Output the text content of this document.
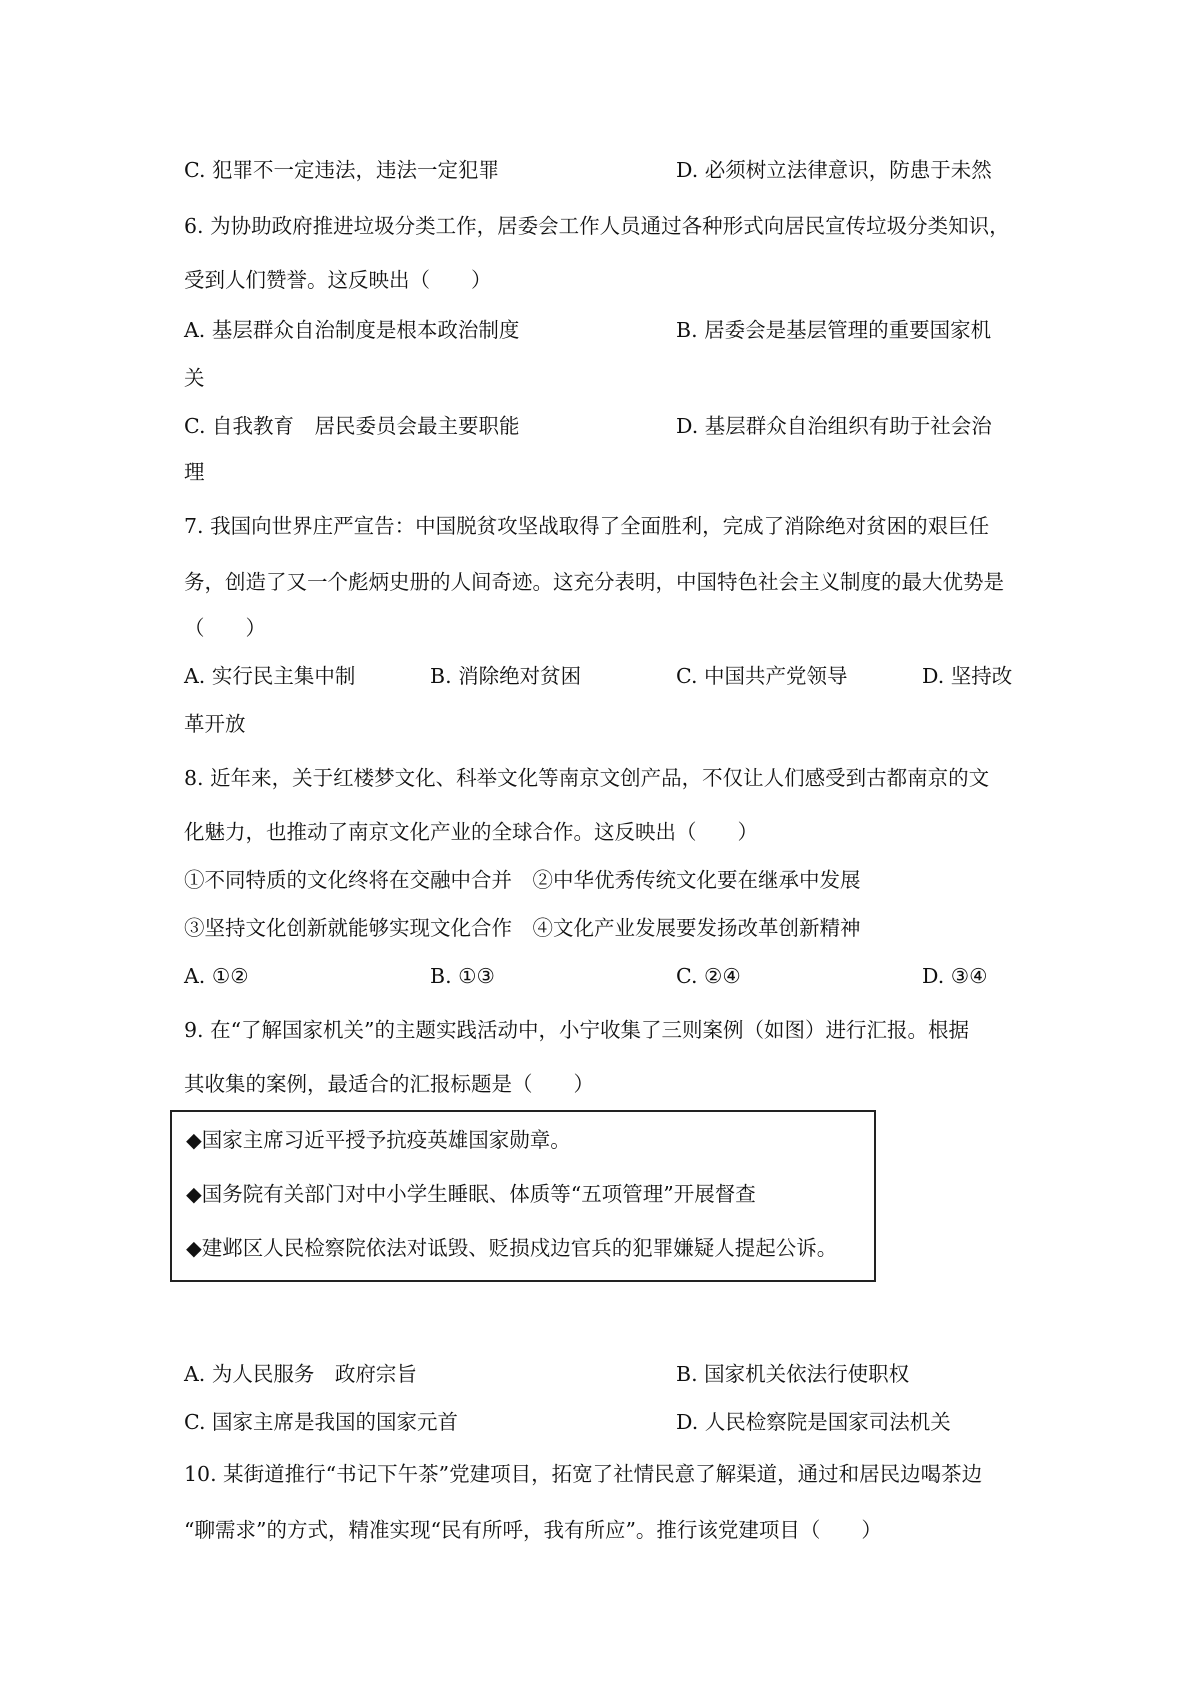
C. 犯罪不一定违法，违法一定犯罪	D. 必须树立法律意识，防患于未然
6. 为协助政府推进垃圾分类工作，居委会工作人员通过各种形式向居民宣传垃圾分类知识，
受到人们赞誉。这反映出（　　）
A. 基层群众自治制度是根本政治制度	B. 居委会是基层管理的重要国家机
关
C. 自我教育　居民委员会最主要职能	D. 基层群众自治组织有助于社会治
理
7. 我国向世界庄严宣告：中国脱贫攻坚战取得了全面胜利，完成了消除绝对贫困的艰巨任
务，创造了又一个彪炳史册的人间奇迹。这充分表明，中国特色社会主义制度的最大优势是
（　　）
A. 实行民主集中制	B. 消除绝对贫困	C. 中国共产党领导	D. 坚持改
革开放
8. 近年来，关于红楼梦文化、科举文化等南京文创产品，不仅让人们感受到古都南京的文
化魅力，也推动了南京文化产业的全球合作。这反映出（　　）
①不同特质的文化终将在交融中合并　②中华优秀传统文化要在继承中发展
③坚持文化创新就能够实现文化合作　④文化产业发展要发扬改革创新精神
A. ①②	B. ①③	C. ②④	D. ③④
9. 在“了解国家机关”的主题实践活动中，小宁收集了三则案例（如图）进行汇报。根据
其收集的案例，最适合的汇报标题是（　　）
◆国家主席习近平授予抗疫英雄国家勋章。
◆国务院有关部门对中小学生睡眠、体质等“五项管理”开展督查
◆建邺区人民检察院依法对诋毁、贬损戍边官兵的犯罪嫌疑人提起公诉。
A. 为人民服务　政府宗旨	B. 国家机关依法行使职权
C. 国家主席是我国的国家元首	D. 人民检察院是国家司法机关
10. 某街道推行“书记下午茶”党建项目，拓宽了社情民意了解渠道，通过和居民边喝茶边
“聊需求”的方式，精准实现“民有所呼，我有所应”。推行该党建项目（　　）
